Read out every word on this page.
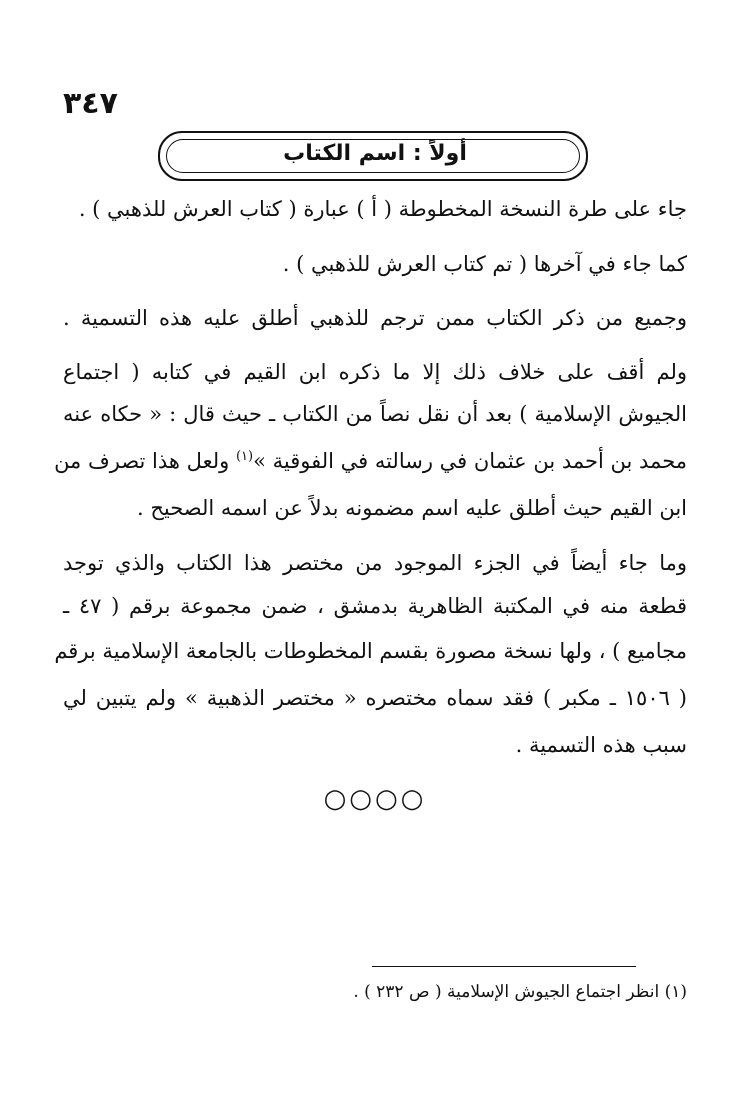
٣٤٧
أولاً : اسم الكتاب
جاء على طرة النسخة المخطوطة ( أ ) عبارة ( كتاب العرش للذهبي ) .
كما جاء في آخرها ( تم كتاب العرش للذهبي ) .
وجميع من ذكر الكتاب ممن ترجم للذهبي أطلق عليه هذه التسمية .
ولم أقف على خلاف ذلك إلا ما ذكره ابن القيم في كتابه ( اجتماع
الجيوش الإسلامية ) بعد أن نقل نصاً من الكتاب ـ حيث قال : « حكاه عنه
محمد بن أحمد بن عثمان في رسالته في الفوقية »$^{(١)}$ ولعل هذا تصرف من
ابن القيم حيث أطلق عليه اسم مضمونه بدلاً عن اسمه الصحيح .
وما جاء أيضاً في الجزء الموجود من مختصر هذا الكتاب والذي توجد
قطعة منه في المكتبة الظاهرية بدمشق ، ضمن مجموعة برقم ( ٤٧ ـ
مجاميع ) ، ولها نسخة مصورة بقسم المخطوطات بالجامعة الإسلامية برقم
( ١٥٠٦ ـ مكبر ) فقد سماه مختصره « مختصر الذهبية » ولم يتبين لي
سبب هذه التسمية .
○○○○
(١) انظر اجتماع الجيوش الإسلامية ( ص ٢٣٢ ) .
